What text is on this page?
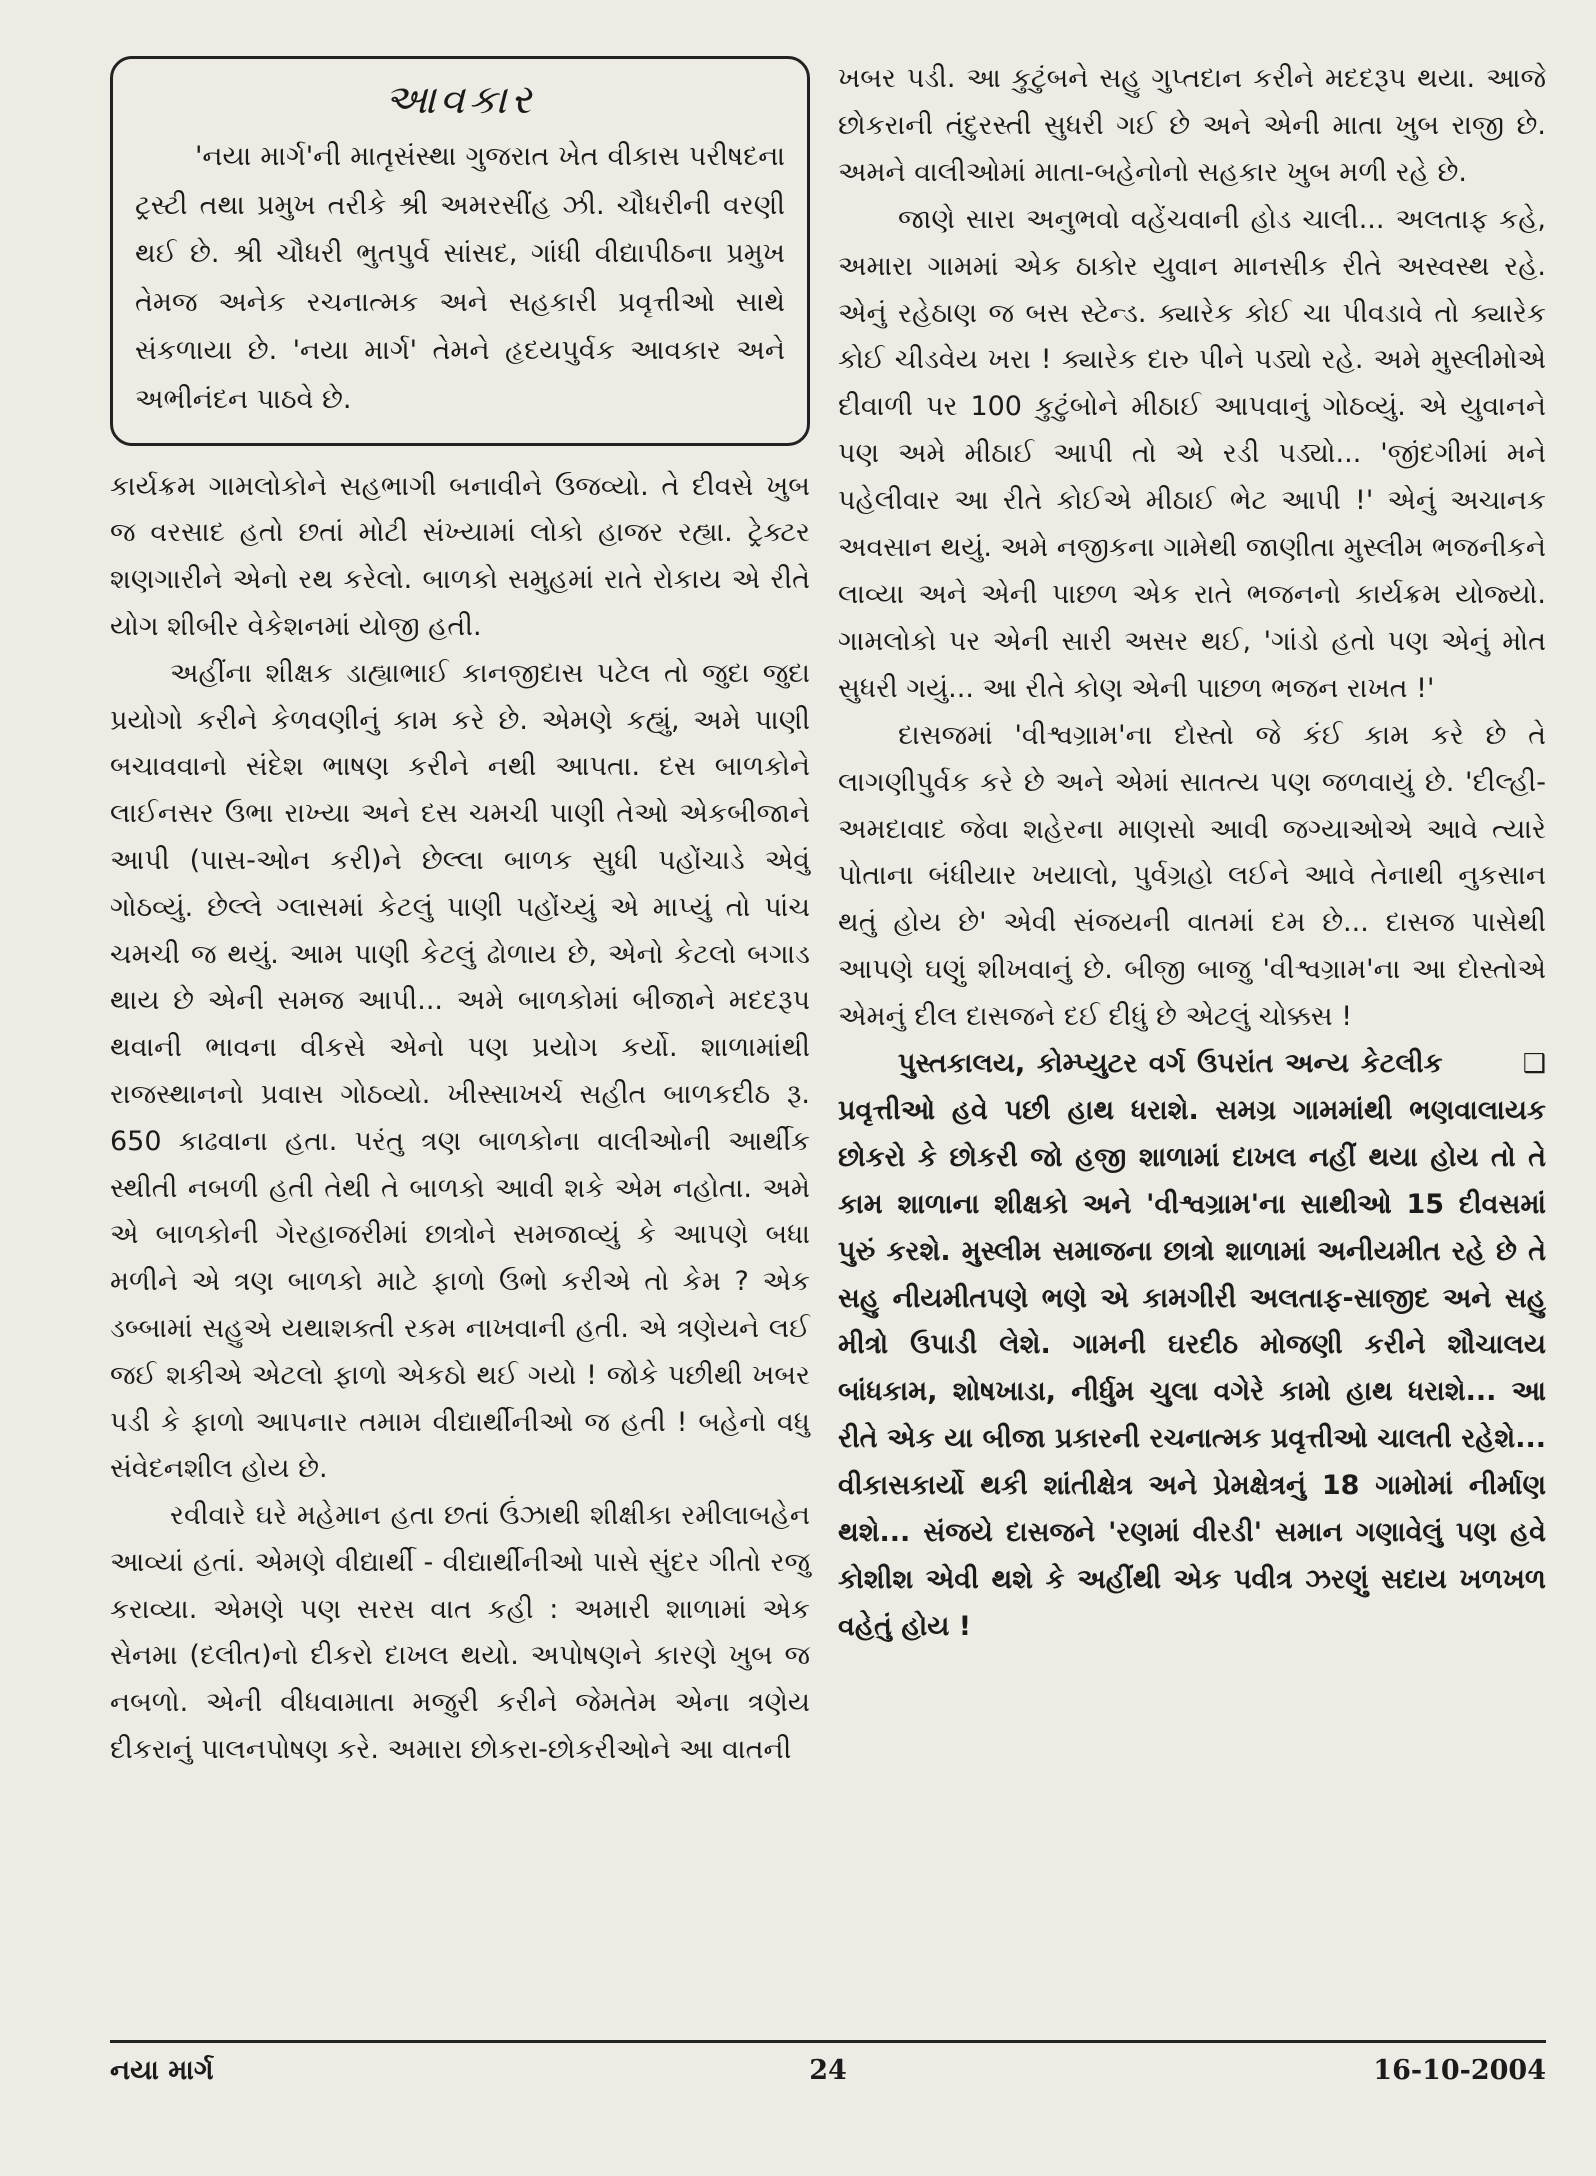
આવકાર

'નયા માર્ગ'ની માતૃસંસ્થા ગુજરાત ખેત વીકાસ પરીષદના ટ્રસ્ટી તથા પ્રમુખ તરીકે શ્રી અમરસીંહ ઝી. ચૌધરીની વરણી થઈ છે. શ્રી ચૌધરી ભુતપુર્વ સાંસદ, ગાંધી વીદ્યાપીઠના પ્રમુખ તેમજ અનેક રચનાત્મક અને સહકારી પ્રવૃત્તીઓ સાથે સંકળાયા છે. 'નયા માર્ગ' તેમને હૃદયપુર્વક આવકાર અને અભીનંદન પાઠવે છે.

કાર્યક્રમ ગામલોકોને સહભાગી બનાવીને ઉજવ્યો. તે દીવસે ખુબ જ વરસાદ હતો છતાં મોટી સંખ્યામાં લોકો હાજર રહ્યા. ટ્રેક્ટર શણગારીને એનો રથ કરેલો. બાળકો સમુહમાં રાતે રોકાય એ રીતે યોગ શીબીર વેકેશનમાં યોજી હતી.

અહીંના શીક્ષક ડાહ્યાભાઈ કાનજીદાસ પટેલ તો જુદા જુદા પ્રયોગો કરીને કેળવણીનું કામ કરે છે. એમણે કહ્યું, અમે પાણી બચાવવાનો સંદેશ ભાષણ કરીને નથી આપતા. દસ બાળકોને લાઈનસર ઉભા રાખ્યા અને દસ ચમચી પાણી તેઓ એકબીજાને આપી (પાસ-ઓન કરી)ને છેલ્લા બાળક સુધી પહોંચાડે એવું ગોઠવ્યું. છેલ્લે ગ્લાસમાં કેટલું પાણી પહોંચ્યું એ માપ્યું તો પાંચ ચમચી જ થયું. આમ પાણી કેટલું ઢોળાય છે, એનો કેટલો બગાડ થાય છે એની સમજ આપી... અમે બાળકોમાં બીજાને મદદરૂપ થવાની ભાવના વીકસે એનો પણ પ્રયોગ કર્યો. શાળામાંથી રાજસ્થાનનો પ્રવાસ ગોઠવ્યો. ખીસ્સાખર્ચ સહીત બાળકદીઠ રૂ. 650 કાઢવાના હતા. પરંતુ ત્રણ બાળકોના વાલીઓની આર્થીક સ્થીતી નબળી હતી તેથી તે બાળકો આવી શકે એમ નહોતા. અમે એ બાળકોની ગેરહાજરીમાં છાત્રોને સમજાવ્યું કે આપણે બધા મળીને એ ત્રણ બાળકો માટે ફાળો ઉભો કરીએ તો કેમ ? એક ડબ્બામાં સહુએ યથાશક્તી રકમ નાખવાની હતી. એ ત્રણેયને લઈ જઈ શકીએ એટલો ફાળો એકઠો થઈ ગયો ! જોકે પછીથી ખબર પડી કે ફાળો આપનાર તમામ વીદ્યાર્થીનીઓ જ હતી ! બહેનો વધુ સંવેદનશીલ હોય છે.

રવીવારે ઘરે મહેમાન હતા છતાં ઉંઝાથી શીક્ષીકા રમીલાબહેન આવ્યાં હતાં. એમણે વીદ્યાર્થી - વીદ્યાર્થીનીઓ પાસે સુંદર ગીતો રજુ કરાવ્યા. એમણે પણ સરસ વાત કહી : અમારી શાળામાં એક સેનમા (દલીત)નો દીકરો દાખલ થયો. અપોષણને કારણે ખુબ જ નબળો. એની વીધવામાતા મજુરી કરીને જેમતેમ એના ત્રણેય દીકરાનું પાલનપોષણ કરે. અમારા છોકરા-છોકરીઓને આ વાતની

ખબર પડી. આ કુટુંબને સહુ ગુપ્તદાન કરીને મદદરૂપ થયા. આજે છોકરાની તંદુરસ્તી સુધરી ગઈ છે અને એની માતા ખુબ રાજી છે. અમને વાલીઓમાં માતા-બહેનોનો સહકાર ખુબ મળી રહે છે.

જાણે સારા અનુભવો વહેંચવાની હોડ ચાલી... અલતાફ કહે, અમારા ગામમાં એક ઠાકોર યુવાન માનસીક રીતે અસ્વસ્થ રહે. એનું રહેઠાણ જ બસ સ્ટેન્ડ. ક્યારેક કોઈ ચા પીવડાવે તો ક્યારેક કોઈ ચીડવેય ખરા ! ક્યારેક દારુ પીને પડ્યો રહે. અમે મુસ્લીમોએ દીવાળી પર 100 કુટુંબોને મીઠાઈ આપવાનું ગોઠવ્યું. એ યુવાનને પણ અમે મીઠાઈ આપી તો એ રડી પડ્યો... 'જીંદગીમાં મને પહેલીવાર આ રીતે કોઈએ મીઠાઈ ભેટ આપી !' એનું અચાનક અવસાન થયું. અમે નજીકના ગામેથી જાણીતા મુસ્લીમ ભજનીકને લાવ્યા અને એની પાછળ એક રાતે ભજનનો કાર્યક્રમ યોજ્યો. ગામલોકો પર એની સારી અસર થઈ, 'ગાંડો હતો પણ એનું મોત સુધરી ગયું... આ રીતે કોણ એની પાછળ ભજન રાખત !'

દાસજમાં 'વીશ્વગ્રામ'ના દોસ્તો જે કંઈ કામ કરે છે તે લાગણીપુર્વક કરે છે અને એમાં સાતત્ય પણ જળવાયું છે. 'દીલ્હી-અમદાવાદ જેવા શહેરના માણસો આવી જગ્યાઓએ આવે ત્યારે પોતાના બંધીયાર ખયાલો, પુર્વગ્રહો લઈને આવે તેનાથી નુકસાન થતું હોય છે' એવી સંજયની વાતમાં દમ છે... દાસજ પાસેથી આપણે ઘણું શીખવાનું છે. બીજી બાજુ 'વીશ્વગ્રામ'ના આ દોસ્તોએ એમનું દીલ દાસજને દઈ દીધું છે એટલું ચોક્કસ !

❑
પુસ્તકાલય, કોમ્પ્યુટર વર્ગ ઉપરાંત અન્ય કેટલીક પ્રવૃત્તીઓ હવે પછી હાથ ધરાશે. સમગ્ર ગામમાંથી ભણવાલાયક છોકરો કે છોકરી જો હજી શાળામાં દાખલ નહીં થયા હોય તો તે કામ શાળાના શીક્ષકો અને 'વીશ્વગ્રામ'ના સાથીઓ 15 દીવસમાં પુરું કરશે. મુસ્લીમ સમાજના છાત્રો શાળામાં અનીયમીત રહે છે તે સહુ નીયમીતપણે ભણે એ કામગીરી અલતાફ-સાજીદ અને સહુ મીત્રો ઉપાડી લેશે. ગામની ઘરદીઠ મોજણી કરીને શૌચાલય બાંધકામ, શોષખાડા, નીર્ધુમ ચુલા વગેરે કામો હાથ ધરાશે... આ રીતે એક યા બીજા પ્રકારની રચનાત્મક પ્રવૃત્તીઓ ચાલતી રહેશે... વીકાસકાર્યો થકી શાંતીક્ષેત્ર અને પ્રેમક્ષેત્રનું 18 ગામોમાં નીર્માણ થશે... સંજયે દાસજને 'રણમાં વીરડી' સમાન ગણાવેલું પણ હવે કોશીશ એવી થશે કે અહીંથી એક પવીત્ર ઝરણું સદાય ખળખળ વહેતું હોય !

નયા માર્ગ	24	16-10-2004
